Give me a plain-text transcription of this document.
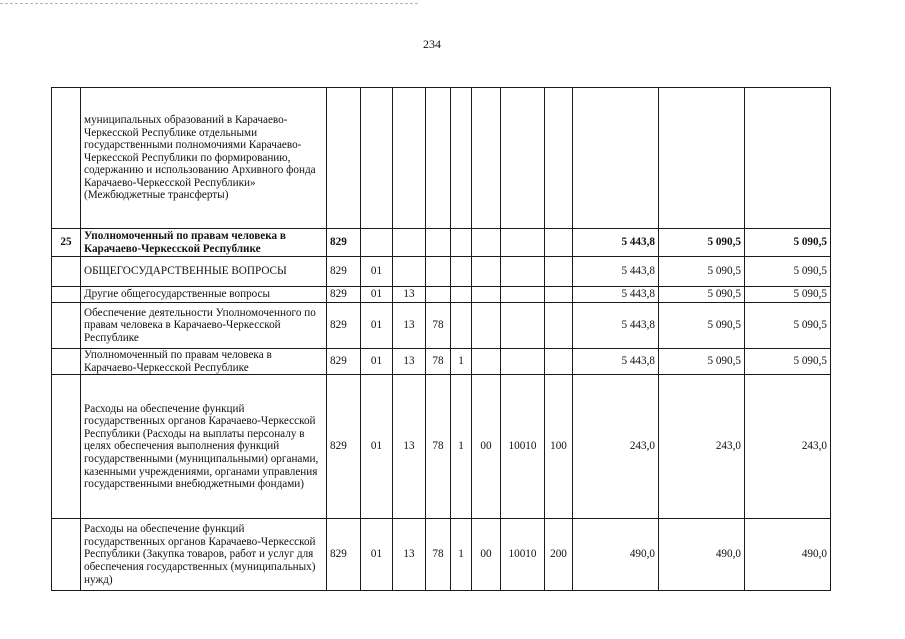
234
	муниципальных образований в Карачаево-Черкесской Республике отдельными государственными полномочиями Карачаево-Черкесской Республики по формированию, содержанию и использованию Архивного фонда Карачаево-Черкесской Республики» (Межбюджетные трансферты)											
25	Уполномоченный по правам человека в Карачаево-Черкесской Республике	829								5 443,8	5 090,5	5 090,5
	ОБЩЕГОСУДАРСТВЕННЫЕ ВОПРОСЫ	829	01							5 443,8	5 090,5	5 090,5
	Другие общегосударственные вопросы	829	01	13						5 443,8	5 090,5	5 090,5
	Обеспечение деятельности Уполномоченного по правам человека в Карачаево-Черкесской Республике	829	01	13	78					5 443,8	5 090,5	5 090,5
	Уполномоченный по правам человека в Карачаево-Черкесской Республике	829	01	13	78	1				5 443,8	5 090,5	5 090,5
	Расходы на обеспечение функций государственных органов Карачаево-Черкесской Республики (Расходы на выплаты персоналу в целях обеспечения выполнения функций государственными (муниципальными) органами, казенными учреждениями, органами управления государственными внебюджетными фондами)	829	01	13	78	1	00	10010	100	243,0	243,0	243,0
	Расходы на обеспечение функций государственных органов Карачаево-Черкесской Республики (Закупка товаров, работ и услуг для обеспечения государственных (муниципальных) нужд)	829	01	13	78	1	00	10010	200	490,0	490,0	490,0
